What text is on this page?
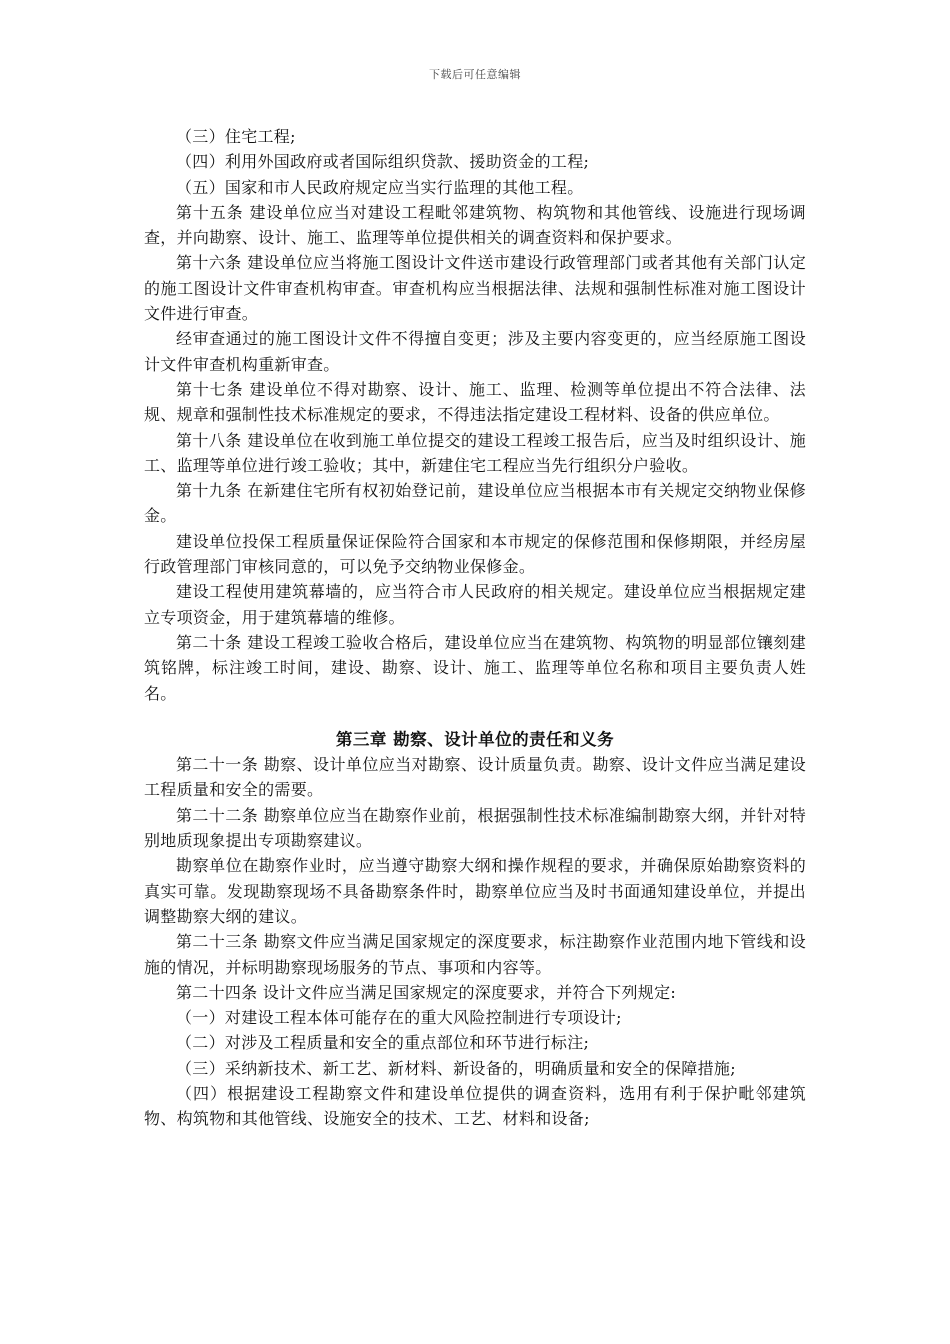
下载后可任意编辑

（三）住宅工程;

（四）利用外国政府或者国际组织贷款、援助资金的工程;

（五）国家和市人民政府规定应当实行监理的其他工程。

第十五条 建设单位应当对建设工程毗邻建筑物、构筑物和其他管线、设施进行现场调查，并向勘察、设计、施工、监理等单位提供相关的调查资料和保护要求。

第十六条 建设单位应当将施工图设计文件送市建设行政管理部门或者其他有关部门认定的施工图设计文件审查机构审查。审查机构应当根据法律、法规和强制性标准对施工图设计文件进行审查。

经审查通过的施工图设计文件不得擅自变更；涉及主要内容变更的，应当经原施工图设计文件审查机构重新审查。

第十七条 建设单位不得对勘察、设计、施工、监理、检测等单位提出不符合法律、法规、规章和强制性技术标准规定的要求，不得违法指定建设工程材料、设备的供应单位。

第十八条 建设单位在收到施工单位提交的建设工程竣工报告后，应当及时组织设计、施工、监理等单位进行竣工验收；其中，新建住宅工程应当先行组织分户验收。

第十九条 在新建住宅所有权初始登记前，建设单位应当根据本市有关规定交纳物业保修金。

建设单位投保工程质量保证保险符合国家和本市规定的保修范围和保修期限，并经房屋行政管理部门审核同意的，可以免予交纳物业保修金。

建设工程使用建筑幕墙的，应当符合市人民政府的相关规定。建设单位应当根据规定建立专项资金，用于建筑幕墙的维修。

第二十条 建设工程竣工验收合格后，建设单位应当在建筑物、构筑物的明显部位镶刻建筑铭牌，标注竣工时间，建设、勘察、设计、施工、监理等单位名称和项目主要负责人姓名。

第三章 勘察、设计单位的责任和义务

第二十一条 勘察、设计单位应当对勘察、设计质量负责。勘察、设计文件应当满足建设工程质量和安全的需要。

第二十二条 勘察单位应当在勘察作业前，根据强制性技术标准编制勘察大纲，并针对特别地质现象提出专项勘察建议。

勘察单位在勘察作业时，应当遵守勘察大纲和操作规程的要求，并确保原始勘察资料的真实可靠。发现勘察现场不具备勘察条件时，勘察单位应当及时书面通知建设单位，并提出调整勘察大纲的建议。

第二十三条 勘察文件应当满足国家规定的深度要求，标注勘察作业范围内地下管线和设施的情况，并标明勘察现场服务的节点、事项和内容等。

第二十四条 设计文件应当满足国家规定的深度要求，并符合下列规定:

（一）对建设工程本体可能存在的重大风险控制进行专项设计;

（二）对涉及工程质量和安全的重点部位和环节进行标注;

（三）采纳新技术、新工艺、新材料、新设备的，明确质量和安全的保障措施;

（四）根据建设工程勘察文件和建设单位提供的调查资料，选用有利于保护毗邻建筑物、构筑物和其他管线、设施安全的技术、工艺、材料和设备;
